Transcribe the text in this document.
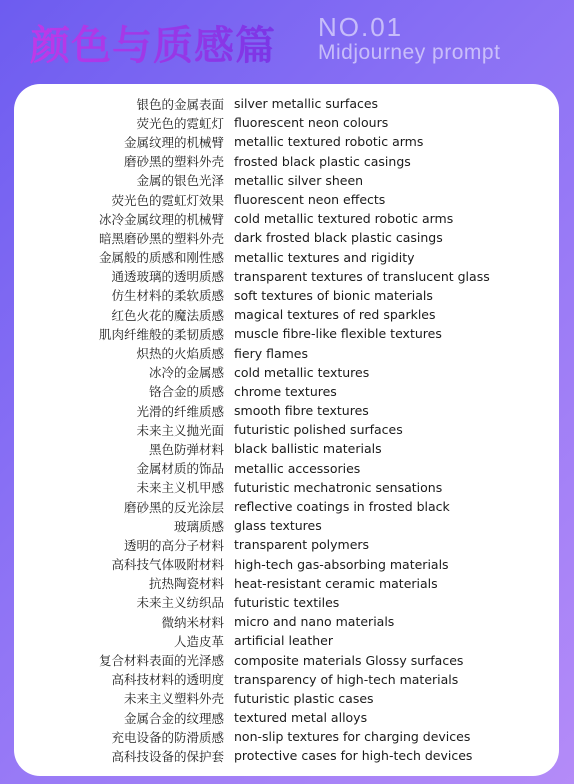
颜色与质感篇 NO.01
Midjourney prompt
银色的金属表面 silver metallic surfaces
荧光色的霓虹灯 fluorescent neon colours
金属纹理的机械臂 metallic textured robotic arms
磨砂黑的塑料外壳 frosted black plastic casings
金属的银色光泽 metallic silver sheen
荧光色的霓虹灯效果 fluorescent neon effects
冰冷金属纹理的机械臂 cold metallic textured robotic arms
暗黑磨砂黑的塑料外壳 dark frosted black plastic casings
金属般的质感和刚性感 metallic textures and rigidity
通透玻璃的透明质感 transparent textures of translucent glass
仿生材料的柔软质感 soft textures of bionic materials
红色火花的魔法质感 magical textures of red sparkles
肌肉纤维般的柔韧质感 muscle fibre-like flexible textures
炽热的火焰质感 fiery flames
冰冷的金属感 cold metallic textures
铬合金的质感 chrome textures
光滑的纤维质感 smooth fibre textures
未来主义抛光面 futuristic polished surfaces
黑色防弹材料 black ballistic materials
金属材质的饰品 metallic accessories
未来主义机甲感 futuristic mechatronic sensations
磨砂黑的反光涂层 reflective coatings in frosted black
玻璃质感 glass textures
透明的高分子材料 transparent polymers
高科技气体吸附材料 high-tech gas-absorbing materials
抗热陶瓷材料 heat-resistant ceramic materials
未来主义纺织品 futuristic textiles
微纳米材料 micro and nano materials
人造皮革 artificial leather
复合材料表面的光泽感 composite materials Glossy surfaces
高科技材料的透明度 transparency of high-tech materials
未来主义塑料外壳 futuristic plastic cases
金属合金的纹理感 textured metal alloys
充电设备的防滑质感 non-slip textures for charging devices
高科技设备的保护套 protective cases for high-tech devices
